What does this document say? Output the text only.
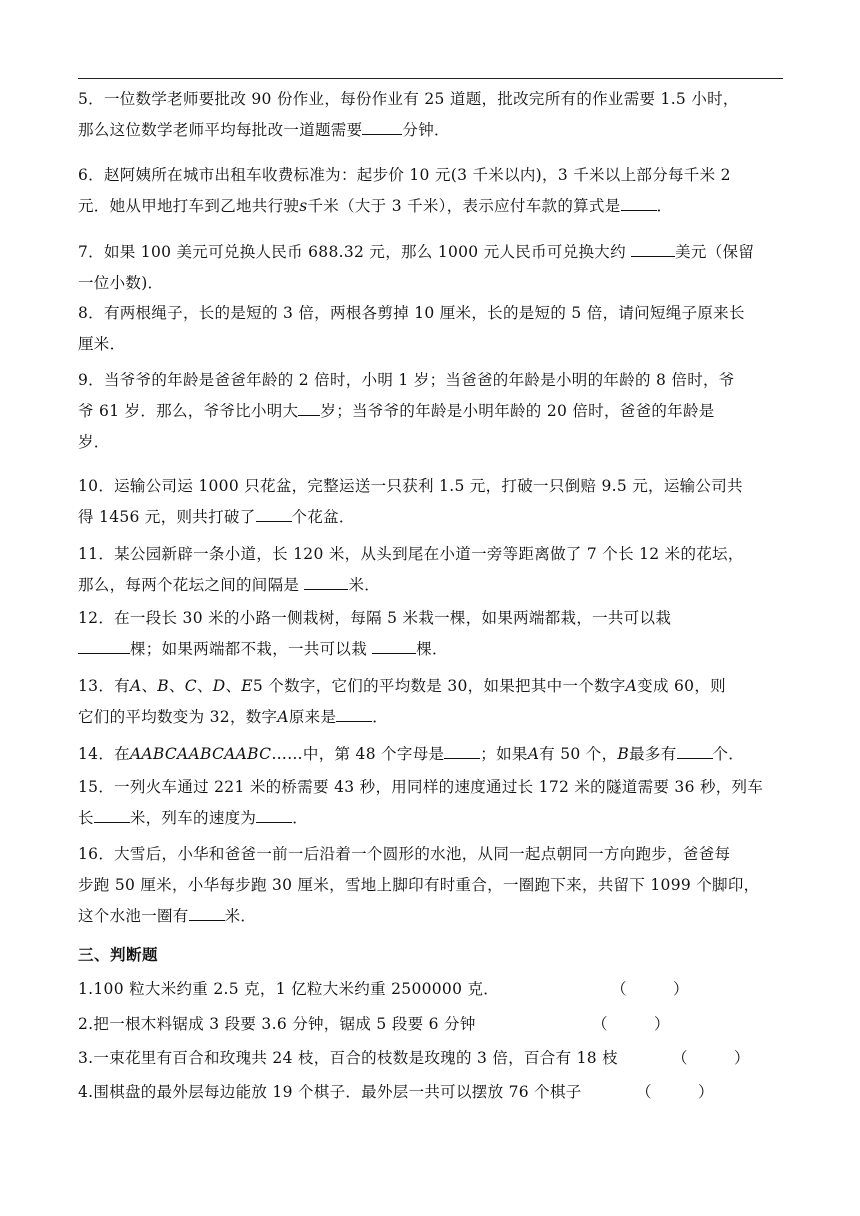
5．一位数学老师要批改 90 份作业，每份作业有 25 道题，批改完所有的作业需要 1.5 小时，
那么这位数学老师平均每批改一道题需要	分钟．
6．赵阿姨所在城市出租车收费标准为：起步价 10 元(3 千米以内)，3 千米以上部分每千米 2
元．她从甲地打车到乙地共行驶s千米（大于 3 千米），表示应付车款的算式是 ．
7．如果 100 美元可兑换人民币 688.32 元，那么 1000 元人民币可兑换大约	美元（保留
一位小数)．
8．有两根绳子，长的是短的 3 倍，两根各剪掉 10 厘米，长的是短的 5 倍，请问短绳子原来长
厘米．
9．当爷爷的年龄是爸爸年龄的 2 倍时，小明 1 岁；当爸爸的年龄是小明的年龄的 8 倍时，爷
爷 61 岁．那么，爷爷比小明大 岁；当爷爷的年龄是小明年龄的 20 倍时，爸爸的年龄是
岁．
10．运输公司运 1000 只花盆，完整运送一只获利 1.5 元，打破一只倒赔 9.5 元，运输公司共
得 1456 元，则共打破了 个花盆．
11．某公园新辟一条小道，长 120 米，从头到尾在小道一旁等距离做了 7 个长 12 米的花坛，
那么，每两个花坛之间的间隔是	米．
12．在一段长 30 米的小路一侧栽树，每隔 5 米栽一棵，如果两端都栽，一共可以栽
棵；如果两端都不栽，一共可以栽	棵．
13．有A、B、C、D、E5 个数字，它们的平均数是 30，如果把其中一个数字A变成 60，则
它们的平均数变为 32，数字A原来是 ．
14．在AABCAABCAABC……中，第 48 个字母是 ；如果A有 50 个，B最多有 个．
15．一列火车通过 221 米的桥需要 43 秒，用同样的速度通过长 172 米的隧道需要 36 秒，列车
长 米，列车的速度为 ．
16．大雪后，小华和爸爸一前一后沿着一个圆形的水池，从同一起点朝同一方向跑步，爸爸每
步跑 50 厘米，小华每步跑 30 厘米，雪地上脚印有时重合，一圈跑下来，共留下 1099 个脚印，
这个水池一圈有 米．
三、判断题
1.100 粒大米约重 2.5 克，1 亿粒大米约重 2500000 克．	（　　　）
2.把一根木料锯成 3 段要 3.6 分钟，锯成 5 段要 6 分钟	（　　　）
3.一束花里有百合和玫瑰共 24 枝，百合的枝数是玫瑰的 3 倍，百合有 18 枝	（　　　）
4.围棋盘的最外层每边能放 19 个棋子．最外层一共可以摆放 76 个棋子	（　　　）
